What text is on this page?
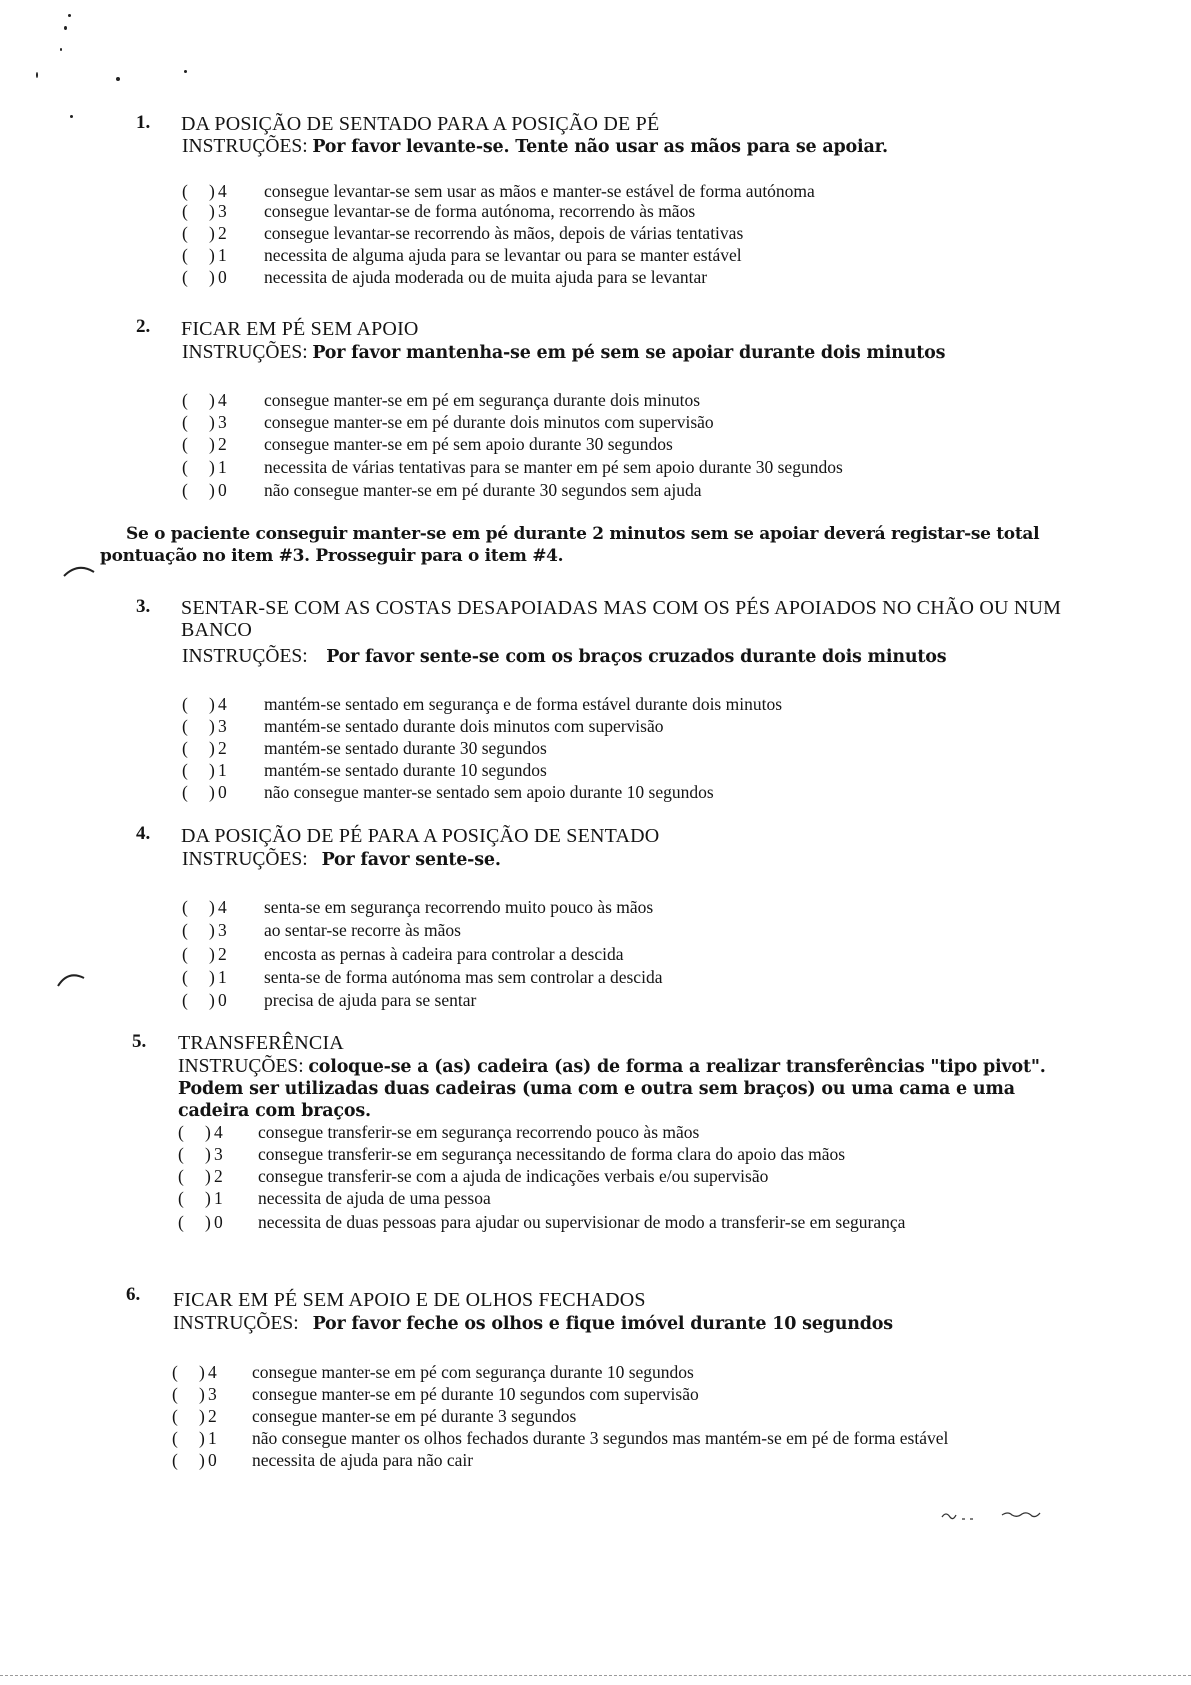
1. DA POSIÇÃO DE SENTADO PARA A POSIÇÃO DE PÉ
INSTRUÇÕES: Por favor levante-se. Tente não usar as mãos para se apoiar.
( ) 4 consegue levantar-se sem usar as mãos e manter-se estável de forma autónoma
( ) 3 consegue levantar-se de forma autónoma, recorrendo às mãos
( ) 2 consegue levantar-se recorrendo às mãos, depois de várias tentativas
( ) 1 necessita de alguma ajuda para se levantar ou para se manter estável
( ) 0 necessita de ajuda moderada ou de muita ajuda para se levantar
2. FICAR EM PÉ SEM APOIO
INSTRUÇÕES: Por favor mantenha-se em pé sem se apoiar durante dois minutos
( ) 4 consegue manter-se em pé em segurança durante dois minutos
( ) 3 consegue manter-se em pé durante dois minutos com supervisão
( ) 2 consegue manter-se em pé sem apoio durante 30 segundos
( ) 1 necessita de várias tentativas para se manter em pé sem apoio durante 30 segundos
( ) 0 não consegue manter-se em pé durante 30 segundos sem ajuda
Se o paciente conseguir manter-se em pé durante 2 minutos sem se apoiar deverá registar-se total
pontuação no item #3. Prosseguir para o item #4.
3. SENTAR-SE COM AS COSTAS DESAPOIADAS MAS COM OS PÉS APOIADOS NO CHÃO OU NUM BANCO
INSTRUÇÕES: Por favor sente-se com os braços cruzados durante dois minutos
( ) 4 mantém-se sentado em segurança e de forma estável durante dois minutos
( ) 3 mantém-se sentado durante dois minutos com supervisão
( ) 2 mantém-se sentado durante 30 segundos
( ) 1 mantém-se sentado durante 10 segundos
( ) 0 não consegue manter-se sentado sem apoio durante 10 segundos
4. DA POSIÇÃO DE PÉ PARA A POSIÇÃO DE SENTADO
INSTRUÇÕES: Por favor sente-se.
( ) 4 senta-se em segurança recorrendo muito pouco às mãos
( ) 3 ao sentar-se recorre às mãos
( ) 2 encosta as pernas à cadeira para controlar a descida
( ) 1 senta-se de forma autónoma mas sem controlar a descida
( ) 0 precisa de ajuda para se sentar
5. TRANSFERÊNCIA
INSTRUÇÕES: coloque-se a (as) cadeira (as) de forma a realizar transferências "tipo pivot". Podem ser utilizadas duas cadeiras (uma com e outra sem braços) ou uma cama e uma cadeira com braços.
( ) 4 consegue transferir-se em segurança recorrendo pouco às mãos
( ) 3 consegue transferir-se em segurança necessitando de forma clara do apoio das mãos
( ) 2 consegue transferir-se com a ajuda de indicações verbais e/ou supervisão
( ) 1 necessita de ajuda de uma pessoa
( ) 0 necessita de duas pessoas para ajudar ou supervisionar de modo a transferir-se em segurança
6. FICAR EM PÉ SEM APOIO E DE OLHOS FECHADOS
INSTRUÇÕES: Por favor feche os olhos e fique imóvel durante 10 segundos
( ) 4 consegue manter-se em pé com segurança durante 10 segundos
( ) 3 consegue manter-se em pé durante 10 segundos com supervisão
( ) 2 consegue manter-se em pé durante 3 segundos
( ) 1 não consegue manter os olhos fechados durante 3 segundos mas mantém-se em pé de forma estável
( ) 0 necessita de ajuda para não cair
